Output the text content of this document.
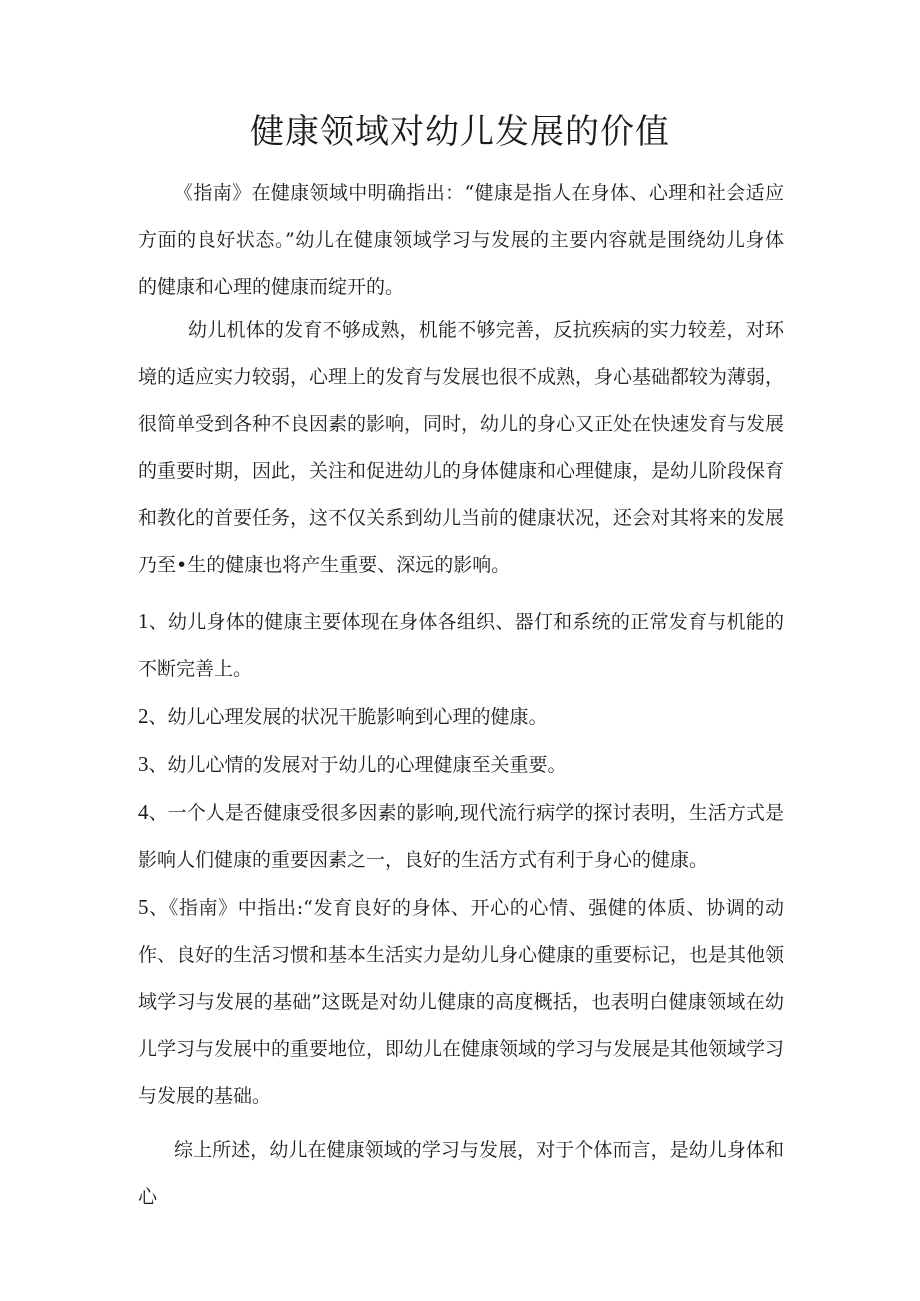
健康领域对幼儿发展的价值

《指南》在健康领域中明确指出：“健康是指人在身体、心理和社会适应方面的良好状态。”幼儿在健康领域学习与发展的主要内容就是围绕幼儿身体的健康和心理的健康而绽开的。

幼儿机体的发育不够成熟，机能不够完善，反抗疾病的实力较差，对环境的适应实力较弱，心理上的发育与发展也很不成熟，身心基础都较为薄弱，很简单受到各种不良因素的影响，同时，幼儿的身心又正处在快速发育与发展的重要时期，因此，关注和促进幼儿的身体健康和心理健康，是幼儿阶段保育和教化的首要任务，这不仅关系到幼儿当前的健康状况，还会对其将来的发展乃至•生的健康也将产生重要、深远的影响。

1、幼儿身体的健康主要体现在身体各组织、器仃和系统的正常发育与机能的不断完善上。

2、幼儿心理发展的状况干脆影响到心理的健康。

3、幼儿心情的发展对于幼儿的心理健康至关重要。

4、一个人是否健康受很多因素的影响,现代流行病学的探讨表明，生活方式是影响人们健康的重要因素之一，良好的生活方式有利于身心的健康。

5、《指南》中指出:“发育良好的身体、开心的心情、强健的体质、协调的动作、良好的生活习惯和基本生活实力是幼儿身心健康的重要标记，也是其他领域学习与发展的基础”这既是对幼儿健康的高度概括，也表明白健康领域在幼儿学习与发展中的重要地位，即幼儿在健康领域的学习与发展是其他领域学习与发展的基础。

综上所述，幼儿在健康领域的学习与发展，对于个体而言，是幼儿身体和心
